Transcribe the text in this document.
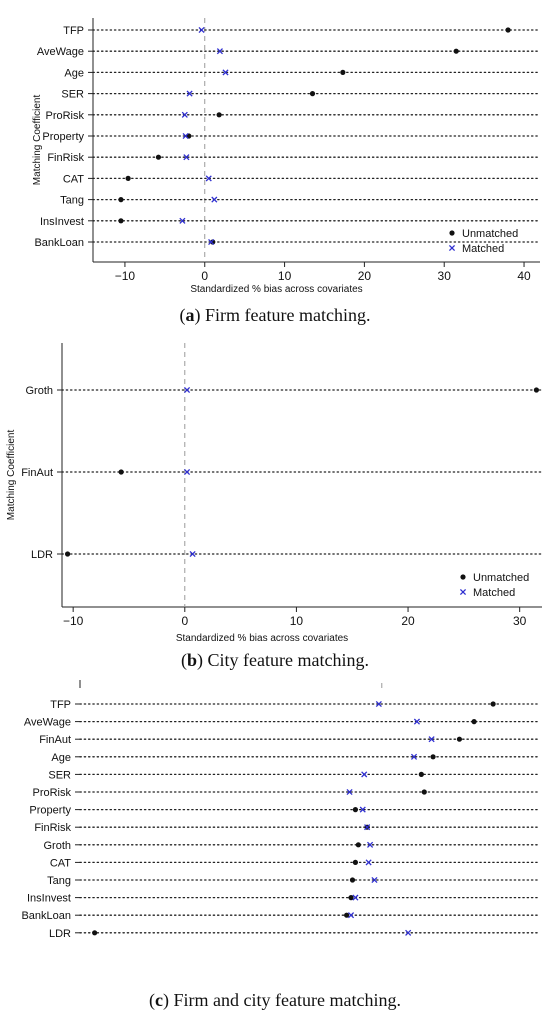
−10	0	10	20	30	40
Standardized % bias across covariates
Matching Coefficient
TFP
AveWage
Age
SER
ProRisk
Property
FinRisk
CAT
Tang
InsInvest
BankLoan
Unmatched
Matched
(a) Firm feature matching.
−10	0	10	20	30
Standardized % bias across covariates
Matching Coefficient
Groth
FinAut
LDR
Unmatched
Matched
(b) City feature matching.
TFP
AveWage
FinAut
Age
SER
ProRisk
Property
FinRisk
Groth
CAT
Tang
InsInvest
BankLoan
LDR
(c) Firm and city feature matching.
